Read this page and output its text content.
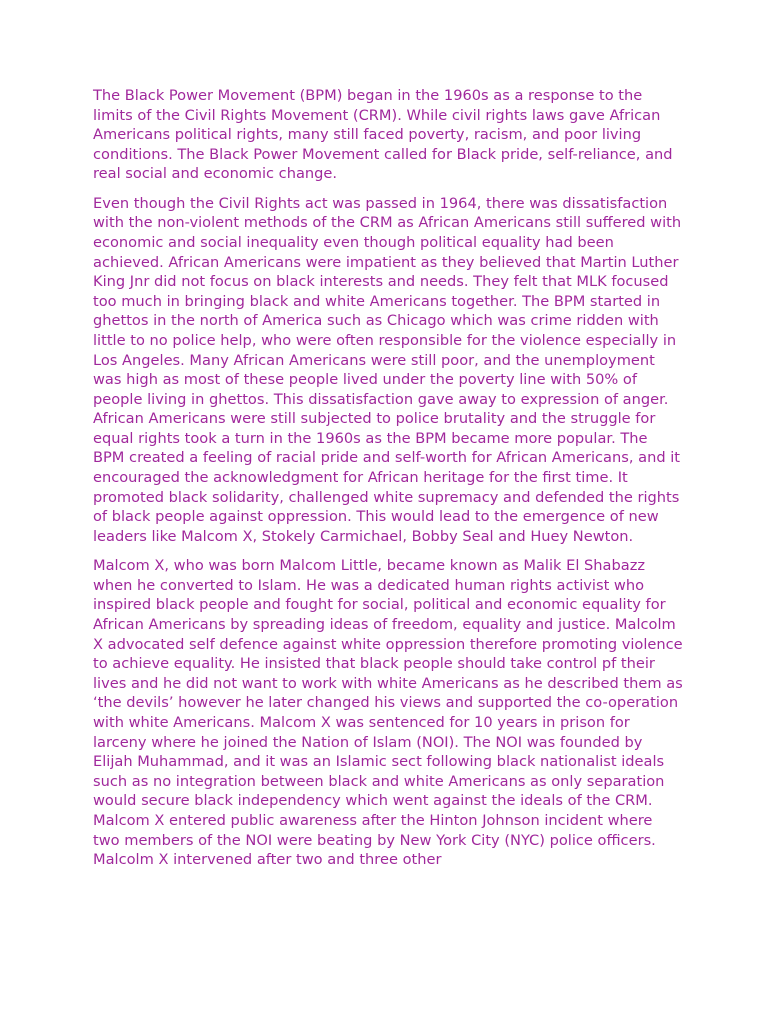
The Black Power Movement (BPM) began in the 1960s as a response to the limits of the Civil Rights Movement (CRM). While civil rights laws gave African Americans political rights, many still faced poverty, racism, and poor living conditions. The Black Power Movement called for Black pride, self-reliance, and real social and economic change.

Even though the Civil Rights act was passed in 1964, there was dissatisfaction with the non-violent methods of the CRM as African Americans still suffered with economic and social inequality even though political equality had been achieved. African Americans were impatient as they believed that Martin Luther King Jnr did not focus on black interests and needs. They felt that MLK focused too much in bringing black and white Americans together. The BPM started in ghettos in the north of America such as Chicago which was crime ridden with little to no police help, who were often responsible for the violence especially in Los Angeles. Many African Americans were still poor, and the unemployment was high as most of these people lived under the poverty line with 50% of people living in ghettos. This dissatisfaction gave away to expression of anger. African Americans were still subjected to police brutality and the struggle for equal rights took a turn in the 1960s as the BPM became more popular. The BPM created a feeling of racial pride and self-worth for African Americans, and it encouraged the acknowledgment for African heritage for the first time. It promoted black solidarity, challenged white supremacy and defended the rights of black people against oppression. This would lead to the emergence of new leaders like Malcom X, Stokely Carmichael, Bobby Seal and Huey Newton.

Malcom X, who was born Malcom Little, became known as Malik El Shabazz when he converted to Islam. He was a dedicated human rights activist who inspired black people and fought for social, political and economic equality for African Americans by spreading ideas of freedom, equality and justice. Malcolm X advocated self defence against white oppression therefore promoting violence to achieve equality. He insisted that black people should take control pf their lives and he did not want to work with white Americans as he described them as ‘the devils’ however he later changed his views and supported the co-operation with white Americans. Malcom X was sentenced for 10 years in prison for larceny where he joined the Nation of Islam (NOI). The NOI was founded by Elijah Muhammad, and it was an Islamic sect following black nationalist ideals such as no integration between black and white Americans as only separation would secure black independency which went against the ideals of the CRM. Malcom X entered public awareness after the Hinton Johnson incident where two members of the NOI were beating by New York City (NYC) police officers. Malcolm X intervened after two and three other
